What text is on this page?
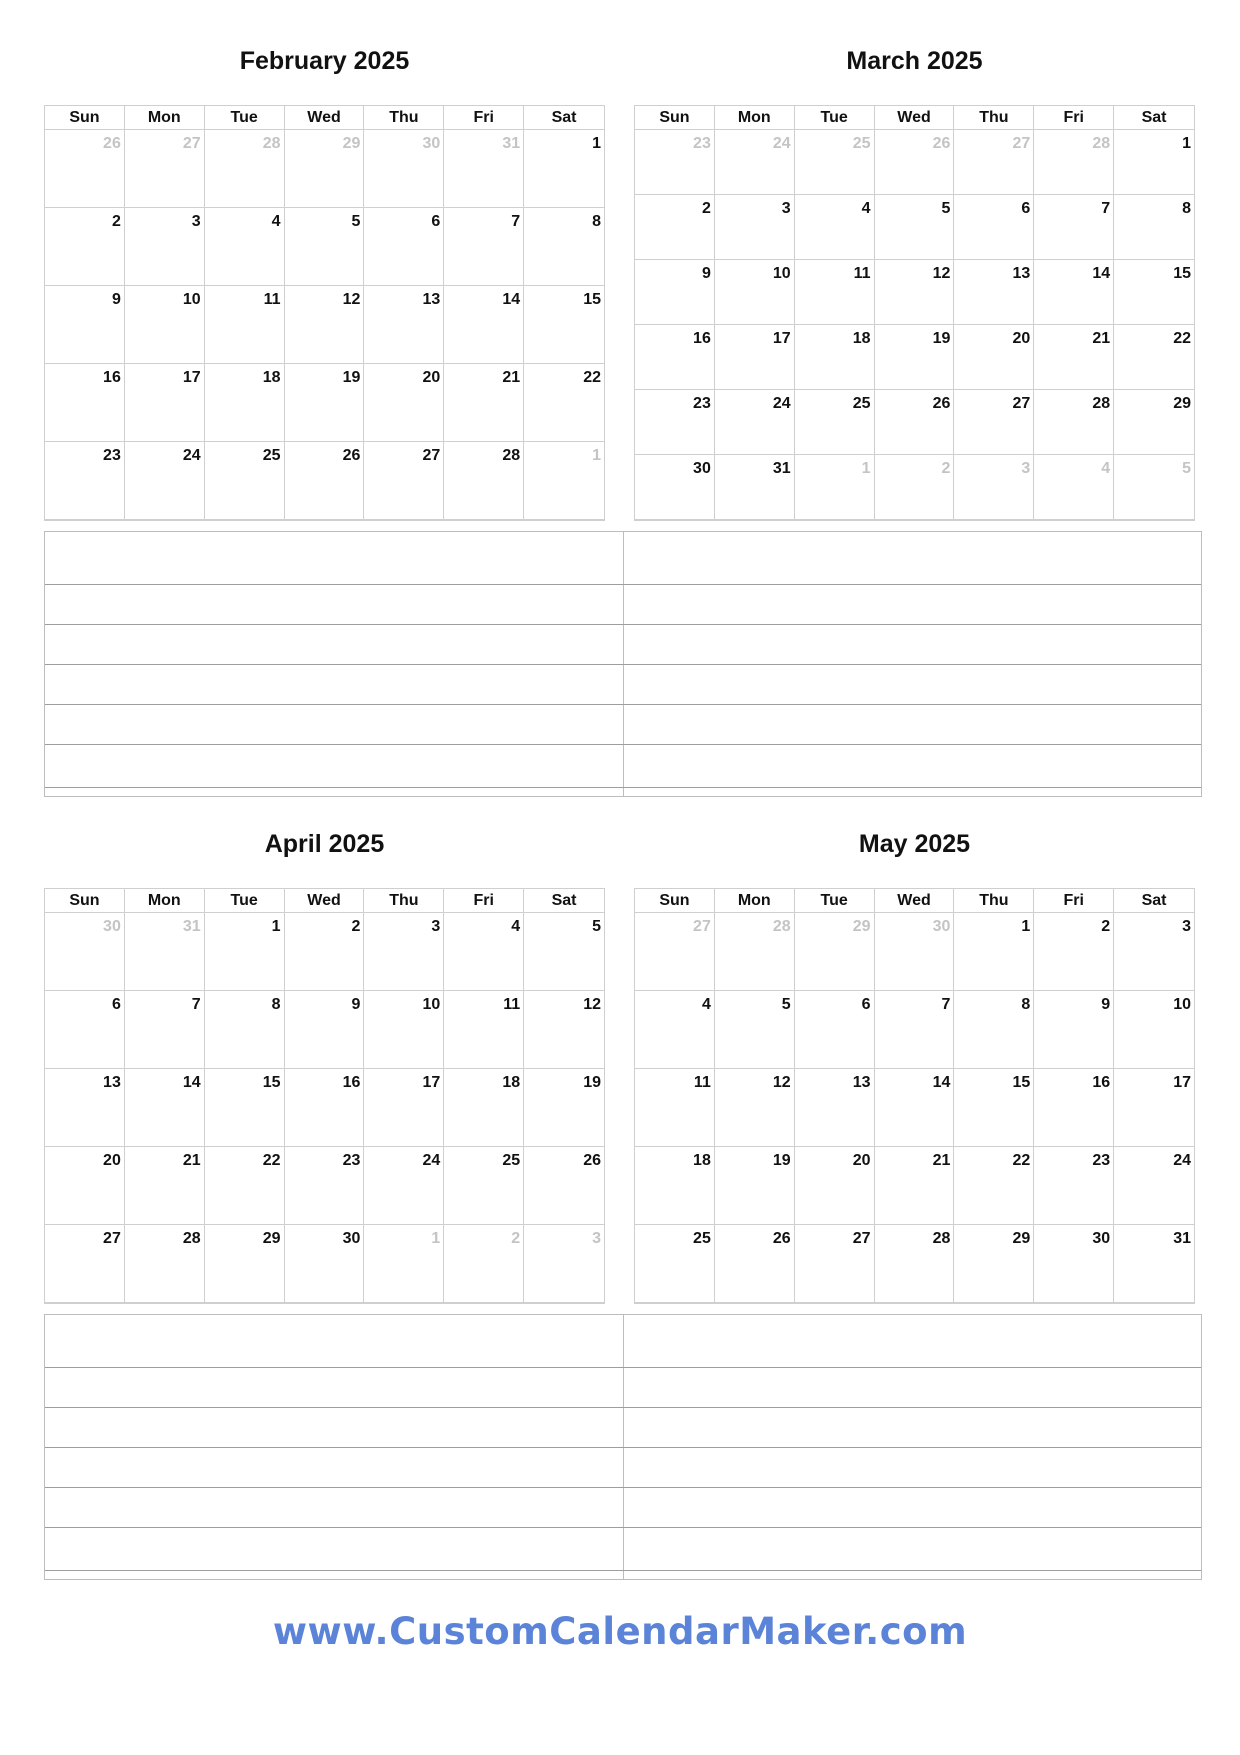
February 2025
Sun	Mon	Tue	Wed	Thu	Fri	Sat
26	27	28	29	30	31	1
2	3	4	5	6	7	8
9	10	11	12	13	14	15
16	17	18	19	20	21	22
23	24	25	26	27	28	1
March 2025
Sun	Mon	Tue	Wed	Thu	Fri	Sat
23	24	25	26	27	28	1
2	3	4	5	6	7	8
9	10	11	12	13	14	15
16	17	18	19	20	21	22
23	24	25	26	27	28	29
30	31	1	2	3	4	5
April 2025
Sun	Mon	Tue	Wed	Thu	Fri	Sat
30	31	1	2	3	4	5
6	7	8	9	10	11	12
13	14	15	16	17	18	19
20	21	22	23	24	25	26
27	28	29	30	1	2	3
May 2025
Sun	Mon	Tue	Wed	Thu	Fri	Sat
27	28	29	30	1	2	3
4	5	6	7	8	9	10
11	12	13	14	15	16	17
18	19	20	21	22	23	24
25	26	27	28	29	30	31
www.CustomCalendarMaker.com
